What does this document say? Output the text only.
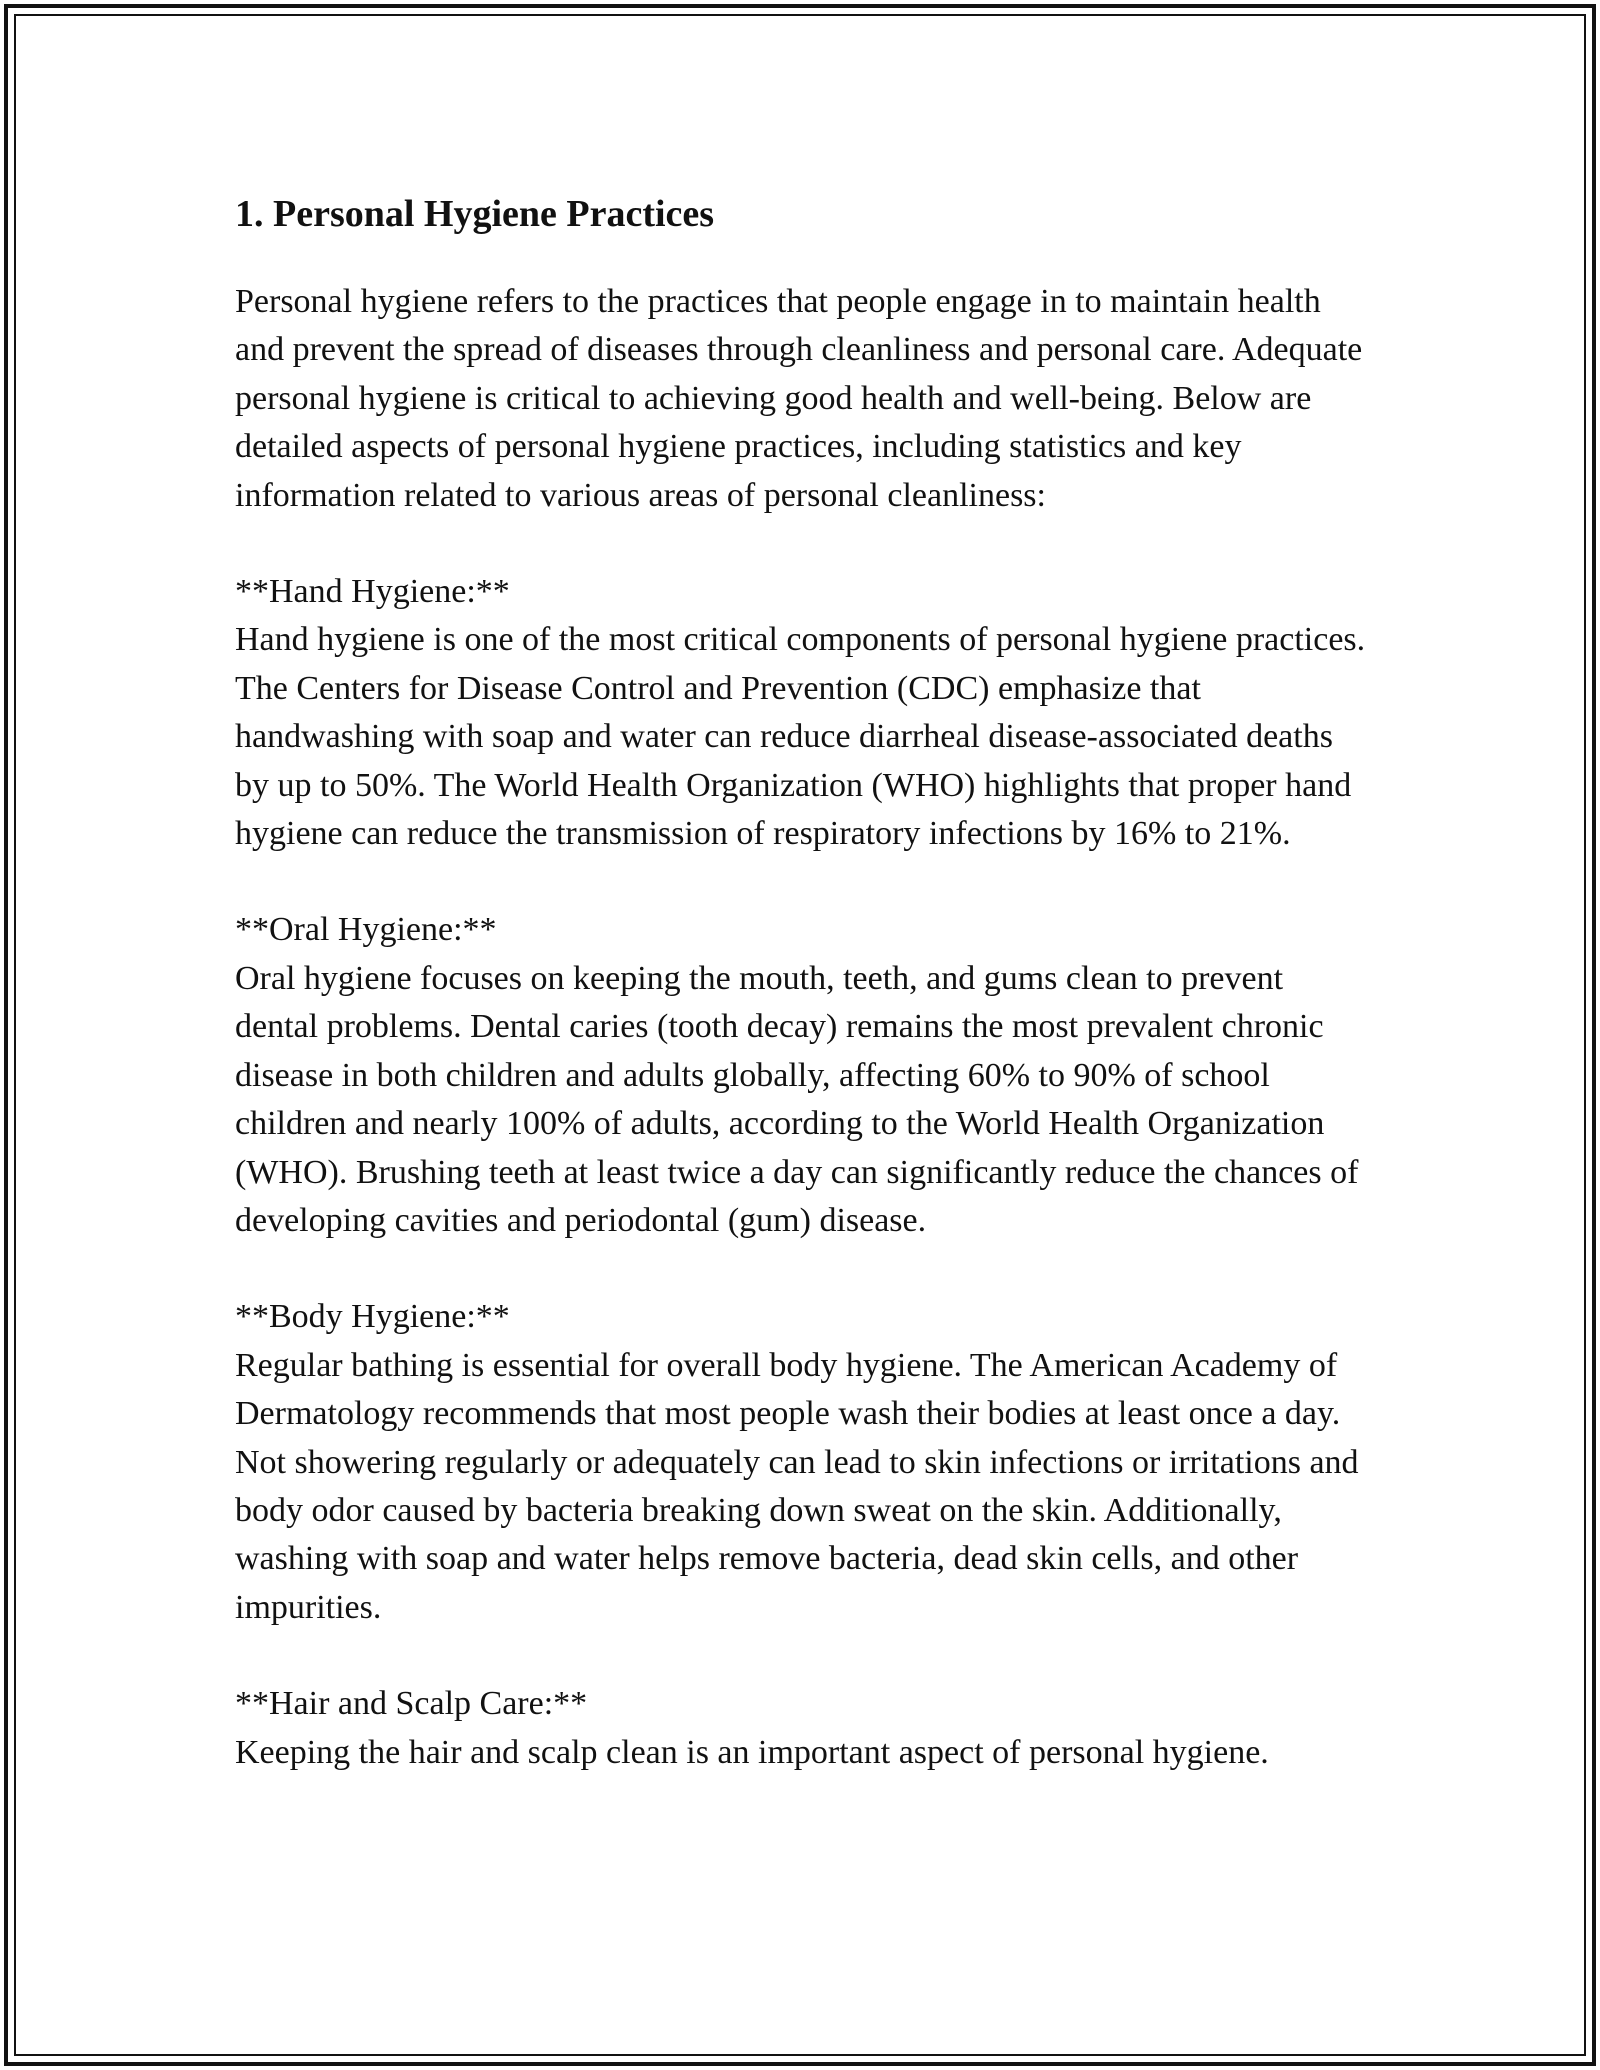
1. Personal Hygiene Practices

Personal hygiene refers to the practices that people engage in to maintain health and prevent the spread of diseases through cleanliness and personal care. Adequate personal hygiene is critical to achieving good health and well-being. Below are detailed aspects of personal hygiene practices, including statistics and key information related to various areas of personal cleanliness:

**Hand Hygiene:**
Hand hygiene is one of the most critical components of personal hygiene practices. The Centers for Disease Control and Prevention (CDC) emphasize that handwashing with soap and water can reduce diarrheal disease-associated deaths by up to 50%. The World Health Organization (WHO) highlights that proper hand hygiene can reduce the transmission of respiratory infections by 16% to 21%.
**Oral Hygiene:**
Oral hygiene focuses on keeping the mouth, teeth, and gums clean to prevent dental problems. Dental caries (tooth decay) remains the most prevalent chronic disease in both children and adults globally, affecting 60% to 90% of school children and nearly 100% of adults, according to the World Health Organization (WHO). Brushing teeth at least twice a day can significantly reduce the chances of developing cavities and periodontal (gum) disease.
**Body Hygiene:**
Regular bathing is essential for overall body hygiene. The American Academy of Dermatology recommends that most people wash their bodies at least once a day. Not showering regularly or adequately can lead to skin infections or irritations and body odor caused by bacteria breaking down sweat on the skin. Additionally, washing with soap and water helps remove bacteria, dead skin cells, and other impurities.
**Hair and Scalp Care:**
Keeping the hair and scalp clean is an important aspect of personal hygiene.
